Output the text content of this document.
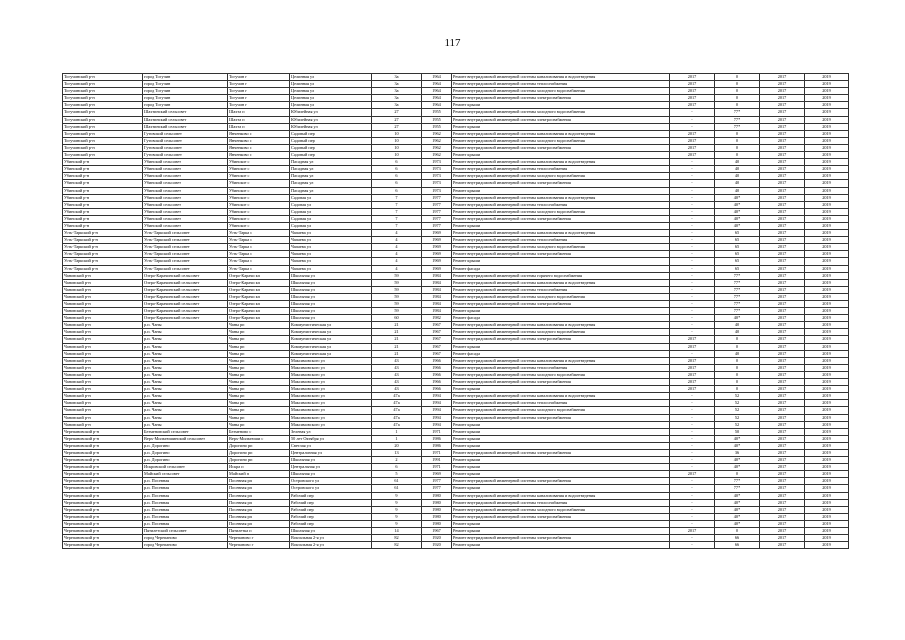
117
Тогучинский р-н	город Тогучин	Тогучин г	Целинная ул	3а	1964	Ремонт внутридомовой инженерной системы канализования и водоотведения	2017	0	2017	2019
Тогучинский р-н	город Тогучин	Тогучин г	Целинная ул	3а	1964	Ремонт внутридомовой инженерной системы теплоснабжения	2017	0	2017	2019
Тогучинский р-н	город Тогучин	Тогучин г	Целинная ул	3а	1964	Ремонт внутридомовой инженерной системы холодного водоснабжения	2017	0	2017	2019
Тогучинский р-н	город Тогучин	Тогучин г	Целинная ул	3а	1964	Ремонт внутридомовой инженерной системы электроснабжения	2017	0	2017	2019
Тогучинский р-н	город Тогучин	Тогучин г	Целинная ул	3а	1964	Ремонт крыши	2017	0	2017	2019
Тогучинский р-н	Шахтинский сельсовет	Шахта п	Юбилейная ул	27	1955	Ремонт внутридомовой инженерной системы холодного водоснабжения	-	77*	2017	2019
Тогучинский р-н	Шахтинский сельсовет	Шахта п	Юбилейная ул	27	1955	Ремонт внутридомовой инженерной системы электроснабжения	-	77*	2017	2019
Тогучинский р-н	Шахтинский сельсовет	Шахта п	Юбилейная ул	27	1955	Ремонт крыши	-	77*	2017	2019
Тогучинский р-н	Гутовский сельсовет	Янченково с	Садовый пер	10	1962	Ремонт внутридомовой инженерной системы канализования и водоотведения	2017	0	2017	2019
Тогучинский р-н	Гутовский сельсовет	Янченково с	Садовый пер	10	1962	Ремонт внутридомовой инженерной системы холодного водоснабжения	2017	0	2017	2019
Тогучинский р-н	Гутовский сельсовет	Янченково с	Садовый пер	10	1962	Ремонт внутридомовой инженерной системы электроснабжения	2017	0	2017	2019
Тогучинский р-н	Гутовский сельсовет	Янченково с	Садовый пер	10	1962	Ремонт крыши	2017	0	2017	2019
Убинский р-н	Убинский сельсовет	Убинское с	Пасадная ул	6	1973	Ремонт внутридомовой инженерной системы канализования и водоотведения	-	40	2017	2019
Убинский р-н	Убинский сельсовет	Убинское с	Пасадная ул	6	1973	Ремонт внутридомовой инженерной системы теплоснабжения	-	40	2017	2019
Убинский р-н	Убинский сельсовет	Убинское с	Пасадная ул	6	1973	Ремонт внутридомовой инженерной системы холодного водоснабжения	-	40	2017	2019
Убинский р-н	Убинский сельсовет	Убинское с	Пасадная ул	6	1973	Ремонт внутридомовой инженерной системы электроснабжения	-	40	2017	2019
Убинский р-н	Убинский сельсовет	Убинское с	Пасадная ул	6	1973	Ремонт крыши	-	40	2017	2019
Убинский р-н	Убинский сельсовет	Убинское с	Садовая ул	7	1977	Ремонт внутридомовой инженерной системы канализования и водоотведения	-	40*	2017	2019
Убинский р-н	Убинский сельсовет	Убинское с	Садовая ул	7	1977	Ремонт внутридомовой инженерной системы теплоснабжения	-	40*	2017	2019
Убинский р-н	Убинский сельсовет	Убинское с	Садовая ул	7	1977	Ремонт внутридомовой инженерной системы холодного водоснабжения	-	40*	2017	2019
Убинский р-н	Убинский сельсовет	Убинское с	Садовая ул	7	1977	Ремонт внутридомовой инженерной системы электроснабжения	-	40*	2017	2019
Убинский р-н	Убинский сельсовет	Убинское с	Садовая ул	7	1977	Ремонт крыши	-	40*	2017	2019
Усть-Таркский р-н	Усть-Таркский сельсовет	Усть-Тарка с	Чапаева ул	4	1969	Ремонт внутридомовой инженерной системы канализования и водоотведения	-	65	2017	2019
Усть-Таркский р-н	Усть-Таркский сельсовет	Усть-Тарка с	Чапаева ул	4	1969	Ремонт внутридомовой инженерной системы теплоснабжения	-	65	2017	2019
Усть-Таркский р-н	Усть-Таркский сельсовет	Усть-Тарка с	Чапаева ул	4	1969	Ремонт внутридомовой инженерной системы холодного водоснабжения	-	65	2017	2019
Усть-Таркский р-н	Усть-Таркский сельсовет	Усть-Тарка с	Чапаева ул	4	1969	Ремонт внутридомовой инженерной системы электроснабжения	-	65	2017	2019
Усть-Таркский р-н	Усть-Таркский сельсовет	Усть-Тарка с	Чапаева ул	4	1969	Ремонт крыши	-	65	2017	2019
Усть-Таркский р-н	Усть-Таркский сельсовет	Усть-Тарка с	Чапаева ул	4	1969	Ремонт фасада	-	65	2017	2019
Чановский р-н	Озеро-Карачинский сельсовет	Озеро-Карачи кп	Школьная ул	59	1984	Ремонт внутридомовой инженерной системы горячего водоснабжения	-	77*	2017	2019
Чановский р-н	Озеро-Карачинский сельсовет	Озеро-Карачи кп	Школьная ул	59	1984	Ремонт внутридомовой инженерной системы канализования и водоотведения	-	77*	2017	2019
Чановский р-н	Озеро-Карачинский сельсовет	Озеро-Карачи кп	Школьная ул	59	1984	Ремонт внутридомовой инженерной системы теплоснабжения	-	77*	2017	2019
Чановский р-н	Озеро-Карачинский сельсовет	Озеро-Карачи кп	Школьная ул	59	1984	Ремонт внутридомовой инженерной системы холодного водоснабжения	-	77*	2017	2019
Чановский р-н	Озеро-Карачинский сельсовет	Озеро-Карачи кп	Школьная ул	59	1984	Ремонт внутридомовой инженерной системы электроснабжения	-	77*	2017	2019
Чановский р-н	Озеро-Карачинский сельсовет	Озеро-Карачи кп	Школьная ул	59	1984	Ремонт крыши	-	77*	2017	2019
Чановский р-н	Озеро-Карачинский сельсовет	Озеро-Карачи кп	Школьная ул	60	1982	Ремонт фасада	-	40*	2017	2019
Чановский р-н	р.п. Чаны	Чаны рп	Коммунистическая ул	21	1967	Ремонт внутридомовой инженерной системы канализования и водоотведения	-	40	2017	2019
Чановский р-н	р.п. Чаны	Чаны рп	Коммунистическая ул	21	1967	Ремонт внутридомовой инженерной системы холодного водоснабжения	-	40	2017	2019
Чановский р-н	р.п. Чаны	Чаны рп	Коммунистическая ул	21	1967	Ремонт внутридомовой инженерной системы электроснабжения	2017	0	2017	2019
Чановский р-н	р.п. Чаны	Чаны рп	Коммунистическая ул	21	1967	Ремонт крыши	2017	0	2017	2019
Чановский р-н	р.п. Чаны	Чаны рп	Коммунистическая ул	21	1967	Ремонт фасада	-	40	2017	2019
Чановский р-н	р.п. Чаны	Чаны рп	Максимовского ул	43	1966	Ремонт внутридомовой инженерной системы канализования и водоотведения	2017	0	2017	2019
Чановский р-н	р.п. Чаны	Чаны рп	Максимовского ул	43	1966	Ремонт внутридомовой инженерной системы теплоснабжения	2017	0	2017	2019
Чановский р-н	р.п. Чаны	Чаны рп	Максимовского ул	43	1966	Ремонт внутридомовой инженерной системы холодного водоснабжения	2017	0	2017	2019
Чановский р-н	р.п. Чаны	Чаны рп	Максимовского ул	43	1966	Ремонт внутридомовой инженерной системы электроснабжения	2017	0	2017	2019
Чановский р-н	р.п. Чаны	Чаны рп	Максимовского ул	43	1966	Ремонт крыши	2017	0	2017	2019
Чановский р-н	р.п. Чаны	Чаны рп	Максимовского ул	47а	1994	Ремонт внутридомовой инженерной системы канализования и водоотведения	-	52	2017	2019
Чановский р-н	р.п. Чаны	Чаны рп	Максимовского ул	47а	1994	Ремонт внутридомовой инженерной системы теплоснабжения	-	52	2017	2019
Чановский р-н	р.п. Чаны	Чаны рп	Максимовского ул	47а	1994	Ремонт внутридомовой инженерной системы холодного водоснабжения	-	52	2017	2019
Чановский р-н	р.п. Чаны	Чаны рп	Максимовского ул	47а	1994	Ремонт внутридомовой инженерной системы электроснабжения	-	52	2017	2019
Чановский р-н	р.п. Чаны	Чаны рп	Максимовского ул	47а	1994	Ремонт крыши	-	52	2017	2019
Черепановский р-н	Безменовский сельсовет	Безменово с	Зеленая ул	1	1971	Ремонт крыши	-	50	2017	2019
Черепановский р-н	Верх-Мильтюшинский сельсовет	Верх-Мильтюши с	50 лет Октября ул	1	1986	Ремонт крыши	-	40*	2017	2019
Черепановский р-н	р.п. Дорогино	Дорогино рп	Светлая ул	20	1986	Ремонт крыши	-	40*	2017	2019
Черепановский р-н	р.п. Дорогино	Дорогино рп	Централизная ул	13	1971	Ремонт внутридомовой инженерной системы электроснабжения	-	36	2017	2019
Черепановский р-н	р.п. Дорогино	Дорогино рп	Школьная ул	2	1991	Ремонт крыши	-	40*	2017	2019
Черепановский р-н	Искровский сельсовет	Искра п	Центральная ул	6	1971	Ремонт крыши	-	40*	2017	2019
Черепановский р-н	Майский сельсовет	Майский п	Школьная ул	5	1969	Ремонт крыши	2017	0	2017	2019
Черепановский р-н	р.п. Посевная	Посевная рп	Островского ул	61	1977	Ремонт внутридомовой инженерной системы электроснабжения	-	77*	2017	2019
Черепановский р-н	р.п. Посевная	Посевная рп	Островского ул	61	1977	Ремонт крыши	-	77*	2017	2019
Черепановский р-н	р.п. Посевная	Посевная рп	Рабочий пер	9	1980	Ремонт внутридомовой инженерной системы канализования и водоотведения	-	40*	2017	2019
Черепановский р-н	р.п. Посевная	Посевная рп	Рабочий пер	9	1980	Ремонт внутридомовой инженерной системы теплоснабжения	-	40*	2017	2019
Черепановский р-н	р.п. Посевная	Посевная рп	Рабочий пер	9	1980	Ремонт внутридомовой инженерной системы холодного водоснабжения	-	40*	2017	2019
Черепановский р-н	р.п. Посевная	Посевная рп	Рабочий пер	9	1980	Ремонт внутридомовой инженерной системы электроснабжения	-	40*	2017	2019
Черепановский р-н	р.п. Посевная	Посевная рп	Рабочий пер	9	1980	Ремонт крыши	-	40*	2017	2019
Черепановский р-н	Пятилетский сельсовет	Пятилетка п	Школьная ул	14	1967	Ремонт крыши	2017	0	2017	2019
Черепановский р-н	город Черепаново	Черепаново г	Вокзальная 2-я ул	82	1920	Ремонт внутридомовой инженерной системы электроснабжения	-	66	2017	2019
Черепановский р-н	город Черепаново	Черепаново г	Вокзальная 2-я ул	82	1920	Ремонт крыши	-	66	2017	2019
